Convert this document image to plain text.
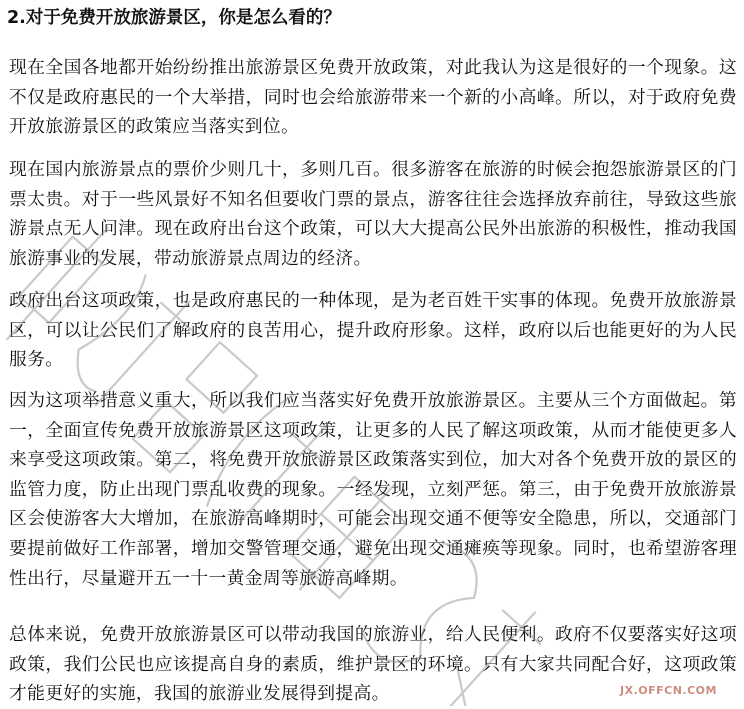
2.对于免费开放旅游景区，你是怎么看的？

现在全国各地都开始纷纷推出旅游景区免费开放政策，对此我认为这是很好的一个现象。这不仅是政府惠民的一个大举措，同时也会给旅游带来一个新的小高峰。所以，对于政府免费开放旅游景区的政策应当落实到位。

现在国内旅游景点的票价少则几十，多则几百。很多游客在旅游的时候会抱怨旅游景区的门票太贵。对于一些风景好不知名但要收门票的景点，游客往往会选择放弃前往，导致这些旅游景点无人问津。现在政府出台这个政策，可以大大提高公民外出旅游的积极性，推动我国旅游事业的发展，带动旅游景点周边的经济。

政府出台这项政策，也是政府惠民的一种体现，是为老百姓干实事的体现。免费开放旅游景区，可以让公民们了解政府的良苦用心，提升政府形象。这样，政府以后也能更好的为人民服务。

因为这项举措意义重大，所以我们应当落实好免费开放旅游景区。主要从三个方面做起。第一，全面宣传免费开放旅游景区这项政策，让更多的人民了解这项政策，从而才能使更多人来享受这项政策。第二，将免费开放旅游景区政策落实到位，加大对各个免费开放的景区的监管力度，防止出现门票乱收费的现象。一经发现，立刻严惩。第三，由于免费开放旅游景区会使游客大大增加，在旅游高峰期时，可能会出现交通不便等安全隐患，所以，交通部门要提前做好工作部署，增加交警管理交通，避免出现交通瘫痪等现象。同时，也希望游客理性出行，尽量避开五一十一黄金周等旅游高峰期。

总体来说，免费开放旅游景区可以带动我国的旅游业，给人民便利。政府不仅要落实好这项政策，我们公民也应该提高自身的素质，维护景区的环境。只有大家共同配合好，这项政策才能更好的实施，我国的旅游业发展得到提高。	JX.OFFCN.COM
